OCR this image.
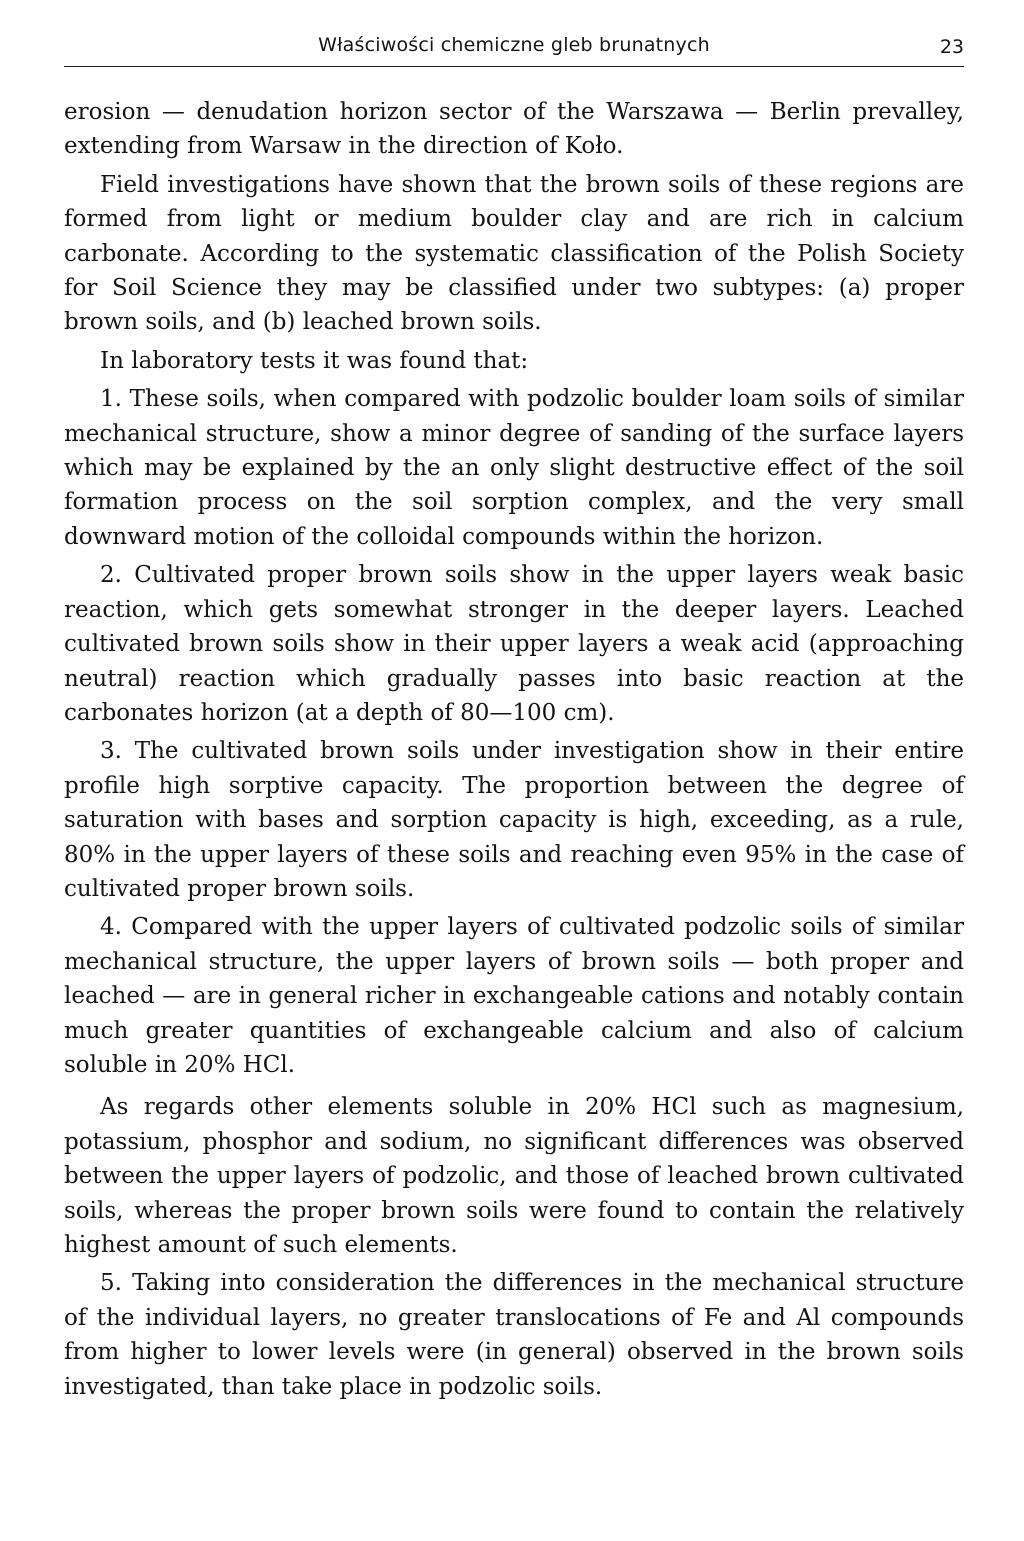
Właściwości chemiczne gleb brunatnych	23

erosion — denudation horizon sector of the Warszawa — Berlin prevalley, extending from Warsaw in the direction of Koło.

Field investigations have shown that the brown soils of these regions are formed from light or medium boulder clay and are rich in calcium carbonate. According to the systematic classification of the Polish Society for Soil Science they may be classified under two subtypes: (a) proper brown soils, and (b) leached brown soils.

In laboratory tests it was found that:

1. These soils, when compared with podzolic boulder loam soils of similar mechanical structure, show a minor degree of sanding of the surface layers which may be explained by the an only slight destructive effect of the soil formation process on the soil sorption complex, and the very small downward motion of the colloidal compounds within the horizon.

2. Cultivated proper brown soils show in the upper layers weak basic reaction, which gets somewhat stronger in the deeper layers. Leached cultivated brown soils show in their upper layers a weak acid (approaching neutral) reaction which gradually passes into basic reaction at the carbonates horizon (at a depth of 80—100 cm).

3. The cultivated brown soils under investigation show in their entire profile high sorptive capacity. The proportion between the degree of saturation with bases and sorption capacity is high, exceeding, as a rule, 80% in the upper layers of these soils and reaching even 95% in the case of cultivated proper brown soils.

4. Compared with the upper layers of cultivated podzolic soils of similar mechanical structure, the upper layers of brown soils — both proper and leached — are in general richer in exchangeable cations and notably contain much greater quantities of exchangeable calcium and also of calcium soluble in 20% HCl.

As regards other elements soluble in 20% HCl such as magnesium, potassium, phosphor and sodium, no significant differences was observed between the upper layers of podzolic, and those of leached brown cultivated soils, whereas the proper brown soils were found to contain the relatively highest amount of such elements.

5. Taking into consideration the differences in the mechanical structure of the individual layers, no greater translocations of Fe and Al compounds from higher to lower levels were (in general) observed in the brown soils investigated, than take place in podzolic soils.
